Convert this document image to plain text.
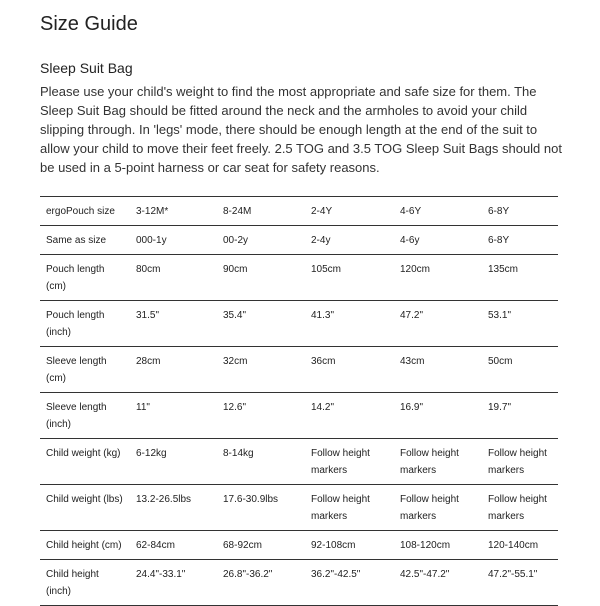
Size Guide
Sleep Suit Bag
Please use your child's weight to find the most appropriate and safe size for them. The Sleep Suit Bag should be fitted around the neck and the armholes to avoid your child slipping through. In 'legs' mode, there should be enough length at the end of the suit to allow your child to move their feet freely. 2.5 TOG and 3.5 TOG Sleep Suit Bags should not be used in a 5-point harness or car seat for safety reasons.
ergoPouch size	3-12M*	8-24M	2-4Y	4-6Y	6-8Y
Same as size	000-1y	00-2y	2-4y	4-6y	6-8Y
Pouch length (cm)	80cm	90cm	105cm	120cm	135cm
Pouch length (inch)	31.5"	35.4"	41.3"	47.2"	53.1"
Sleeve length (cm)	28cm	32cm	36cm	43cm	50cm
Sleeve length (inch)	11"	12.6"	14.2"	16.9"	19.7"
Child weight (kg)	6-12kg	8-14kg	Follow height markers	Follow height markers	Follow height markers
Child weight (lbs)	13.2-26.5lbs	17.6-30.9lbs	Follow height markers	Follow height markers	Follow height markers
Child height (cm)	62-84cm	68-92cm	92-108cm	108-120cm	120-140cm
Child height (inch)	24.4"-33.1"	26.8"-36.2"	36.2"-42.5"	42.5"-47.2"	47.2"-55.1"
